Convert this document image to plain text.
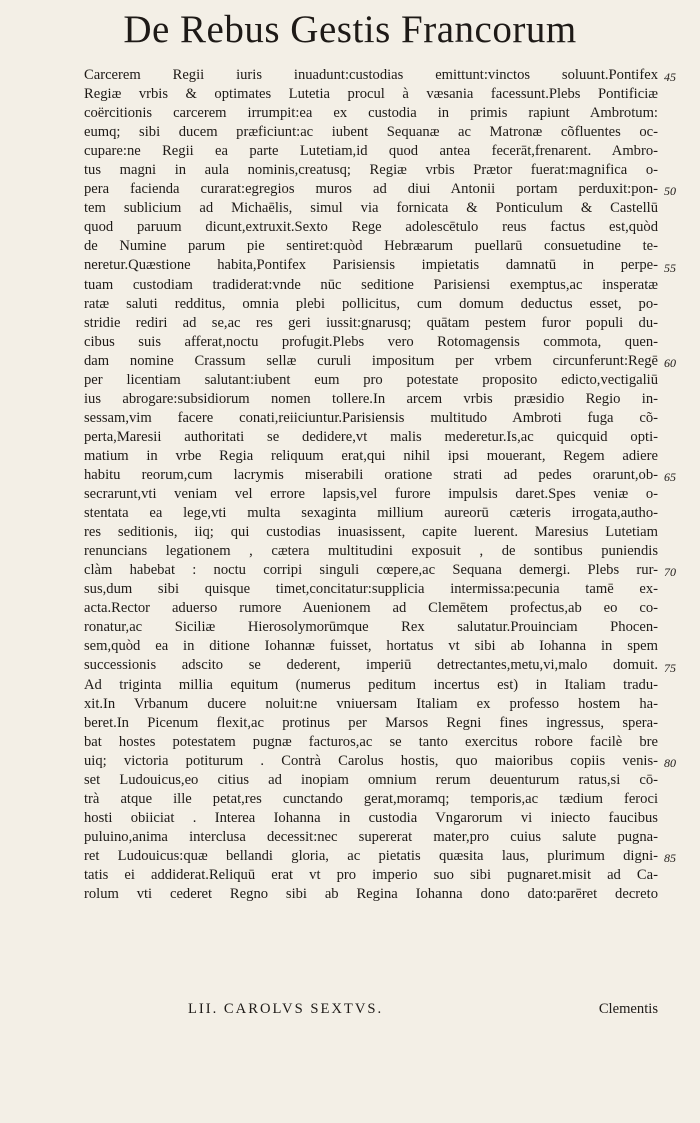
De Rebus Gestis Francorum
Carcerem Regii iuris inuadunt:custodias emittunt:vinctos soluunt.Pontifex
Regiæ vrbis & optimates Lutetia procul à væsania facessunt.Plebs Pontificiæ
coërcitionis carcerem irrumpit:ea ex custodia in primis rapiunt Ambrotum:
eumq; sibi ducem præficiunt:ac iubent Sequanæ ac Matronæ cõfluentes oc-
cupare:ne Regii ea parte Lutetiam,id quod antea fecerāt,frenarent. Ambro-
tus magni in aula nominis,creatusq; Regiæ vrbis Prætor fuerat:magnifica o-
pera facienda curarat:egregios muros ad diui Antonii portam perduxit:pon-
tem sublicium ad Michaēlis, simul via fornicata & Ponticulum & Castellū
quod paruum dicunt,extruxit.Sexto Rege adolescētulo reus factus est,quòd
de Numine parum pie sentiret:quòd Hebræarum puellarū consuetudine te-
neretur.Quæstione habita,Pontifex Parisiensis impietatis damnatū in perpe-
tuam custodiam tradiderat:vnde nūc seditione Parisiensi exemptus,ac insperatæ
ratæ saluti redditus, omnia plebi pollicitus, cum domum deductus esset, po-
stridie rediri ad se,ac res geri iussit:gnarusq; quātam pestem furor populi du-
cibus suis afferat,noctu profugit.Plebs vero Rotomagensis commota, quen-
dam nomine Crassum sellæ curuli impositum per vrbem circunferunt:Regē
per licentiam salutant:iubent eum pro potestate proposito edicto,vectigaliū
ius abrogare:subsidiorum nomen tollere.In arcem vrbis præsidio Regio in-
sessam,vim facere conati,reiiciuntur.Parisiensis multitudo Ambroti fuga cõ-
perta,Maresii authoritati se dedidere,vt malis mederetur.Is,ac quicquid opti-
matium in vrbe Regia reliquum erat,qui nihil ipsi mouerant, Regem adiere
habitu reorum,cum lacrymis miserabili oratione strati ad pedes orarunt,ob-
secrarunt,vti veniam vel errore lapsis,vel furore impulsis daret.Spes veniæ o-
stentata ea lege,vti multa sexaginta millium aureorū cæteris irrogata,autho-
res seditionis, iiq; qui custodias inuasissent, capite luerent. Maresius Lutetiam
renuncians legationem , cætera multitudini exposuit , de sontibus puniendis
clàm habebat : noctu corripi singuli cœpere,ac Sequana demergi. Plebs rur-
sus,dum sibi quisque timet,concitatur:supplicia intermissa:pecunia tamē ex-
acta.Rector aduerso rumore Auenionem ad Clemētem profectus,ab eo co-
ronatur,ac Siciliæ Hierosolymorūmque Rex salutatur.Prouinciam Phocen-
sem,quòd ea in ditione Iohannæ fuisset, hortatus vt sibi ab Iohanna in spem
successionis adscito se dederent, imperiū detrectantes,metu,vi,malo domuit.
Ad triginta millia equitum (numerus peditum incertus est) in Italiam tradu-
xit.In Vrbanum ducere noluit:ne vniuersam Italiam ex professo hostem ha-
beret.In Picenum flexit,ac protinus per Marsos Regni fines ingressus, spera-
bat hostes potestatem pugnæ facturos,ac se tanto exercitus robore facilè bre
uiq; victoria potiturum . Contrà Carolus hostis, quo maioribus copiis venis-
set Ludouicus,eo citius ad inopiam omnium rerum deuenturum ratus,si cō-
trà atque ille petat,res cunctando gerat,moramq; temporis,ac tædium feroci
hosti obiiciat . Interea Iohanna in custodia Vngarorum vi iniecto faucibus
puluino,anima interclusa decessit:nec supererat mater,pro cuius salute pugna-
ret Ludouicus:quæ bellandi gloria, ac pietatis quæsita laus, plurimum digni-
tatis ei addiderat.Reliquū erat vt pro imperio suo sibi pugnaret.misit ad Ca-
rolum vti cederet Regno sibi ab Regina Iohanna dono dato:parēret decreto
45
50
55
60
65
70
75
80
85
LII. CAROLVS SEXTVS.	Clementis
